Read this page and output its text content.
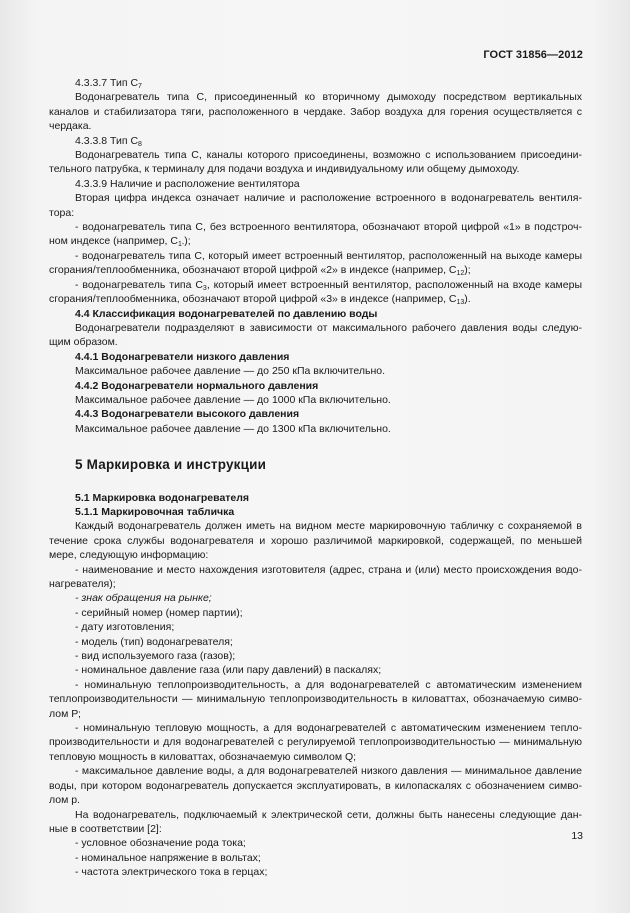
ГОСТ 31856—2012

4.3.3.7 Тип $С_7$

Водонагреватель типа С, присоединенный ко вторичному дымоходу посредством вертикальных каналов и стабилизатора тяги, расположенного в чердаке. Забор воздуха для горения осуществляется с чердака.

4.3.3.8 Тип $С_8$

Водонагреватель типа С, каналы которого присоединены, возможно с использованием присоедини-тельного патрубка, к терминалу для подачи воздуха и индивидуальному или общему дымоходу.

4.3.3.9 Наличие и расположение вентилятора

Вторая цифра индекса означает наличие и расположение встроенного в водонагреватель вентиля-тора:

- водонагреватель типа С, без встроенного вентилятора, обозначают второй цифрой «1» в подстроч-ном индексе (например, $С_{1-}$);

- водонагреватель типа С, который имеет встроенный вентилятор, расположенный на выходе камеры сгорания/теплообменника, обозначают второй цифрой «2» в индексе (например, $С_{12}$);

- водонагреватель типа $С_3$, который имеет встроенный вентилятор, расположенный на входе камеры сгорания/теплообменника, обозначают второй цифрой «3» в индексе (например, $С_{13}$).

4.4 Классификация водонагревателей по давлению воды

Водонагреватели подразделяют в зависимости от максимального рабочего давления воды следую-щим образом.

4.4.1 Водонагреватели низкого давления

Максимальное рабочее давление — до 250 кПа включительно.

4.4.2 Водонагреватели нормального давления

Максимальное рабочее давление — до 1000 кПа включительно.

4.4.3 Водонагреватели высокого давления

Максимальное рабочее давление — до 1300 кПа включительно.

5 Маркировка и инструкции

5.1 Маркировка водонагревателя

5.1.1 Маркировочная табличка

Каждый водонагреватель должен иметь на видном месте маркировочную табличку с сохраняемой в течение срока службы водонагревателя и хорошо различимой маркировкой, содержащей, по меньшей мере, следующую информацию:

- наименование и место нахождения изготовителя (адрес, страна и (или) место происхождения водо-нагревателя);

- знак обращения на рынке;

- серийный номер (номер партии);

- дату изготовления;

- модель (тип) водонагревателя;

- вид используемого газа (газов);

- номинальное давление газа (или пару давлений) в паскалях;

- номинальную теплопроизводительность, а для водонагревателей с автоматическим изменением теплопроизводительности — минимальную теплопроизводительность в киловаттах, обозначаемую симво-лом Р;

- номинальную тепловую мощность, а для водонагревателей с автоматическим изменением тепло-производительности и для водонагревателей с регулируемой теплопроизводительностью — минимальную тепловую мощность в киловаттах, обозначаемую символом Q;

- максимальное давление воды, а для водонагревателей низкого давления — минимальное давление воды, при котором водонагреватель допускается эксплуатировать, в килопаскалях с обозначением симво-лом р.

На водонагреватель, подключаемый к электрической сети, должны быть нанесены следующие дан-ные в соответствии [2]:

- условное обозначение рода тока;

- номинальное напряжение в вольтах;

- частота электрического тока в герцах;

13
